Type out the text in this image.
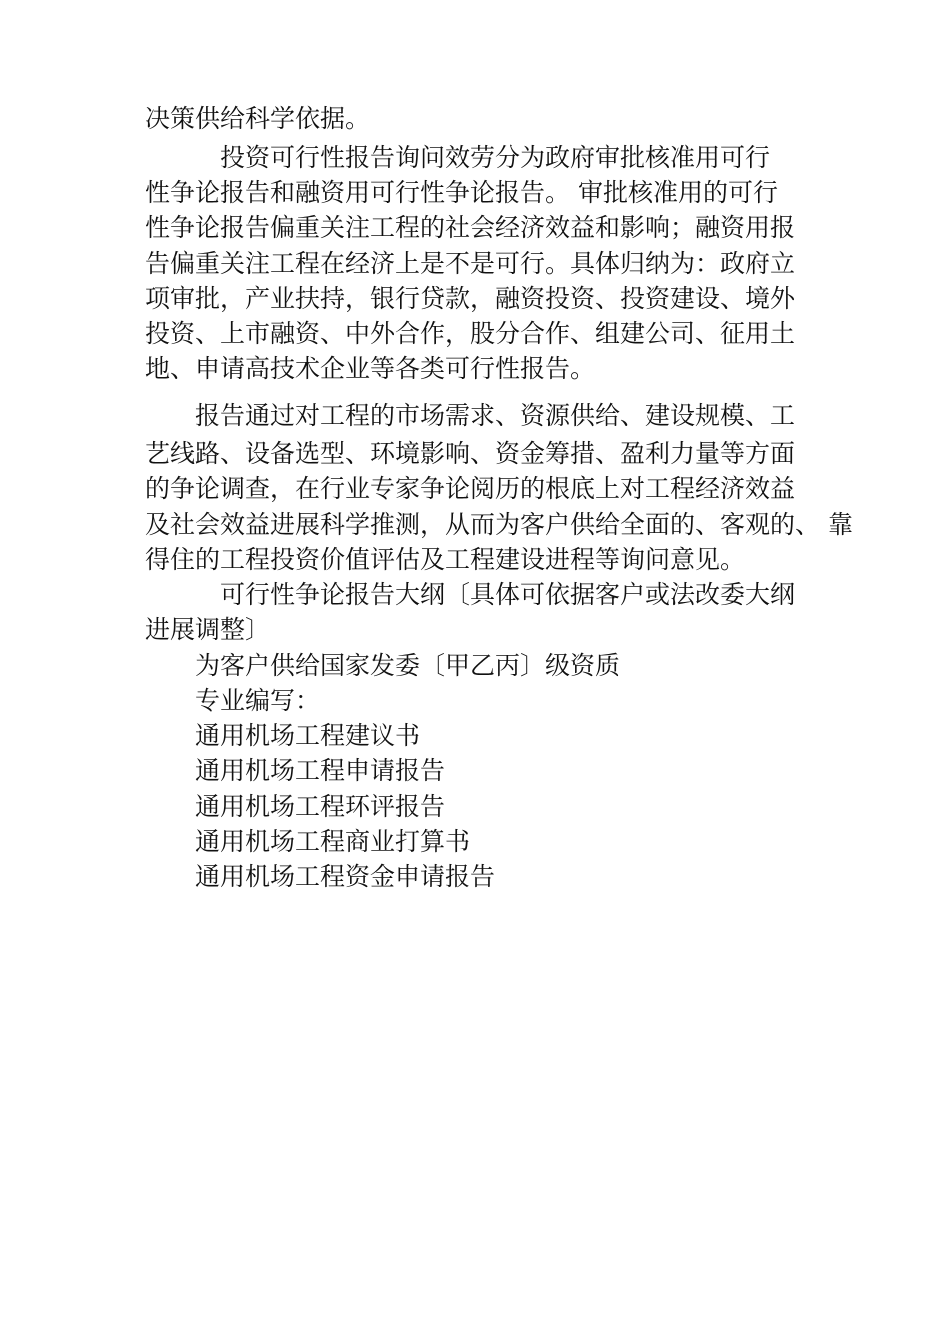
决策供给科学依据。
投资可行性报告询问效劳分为政府审批核准用可行
性争论报告和融资用可行性争论报告。 审批核准用的可行
性争论报告偏重关注工程的社会经济效益和影响；融资用报
告偏重关注工程在经济上是不是可行。具体归纳为：政府立
项审批，产业扶持，银行贷款，融资投资、投资建设、境外
投资、上市融资、中外合作，股分合作、组建公司、征用土
地、申请高技术企业等各类可行性报告。
报告通过对工程的市场需求、资源供给、建设规模、工
艺线路、设备选型、环境影响、资金筹措、盈利力量等方面
的争论调查，在行业专家争论阅历的根底上对工程经济效益
及社会效益进展科学推测，从而为客户供给全面的、客观的、 靠
得住的工程投资价值评估及工程建设进程等询问意见。
可行性争论报告大纲〔具体可依据客户或法改委大纲
进展调整〕
为客户供给国家发委〔甲乙丙〕级资质
专业编写：
通用机场工程建议书
通用机场工程申请报告
通用机场工程环评报告
通用机场工程商业打算书
通用机场工程资金申请报告
